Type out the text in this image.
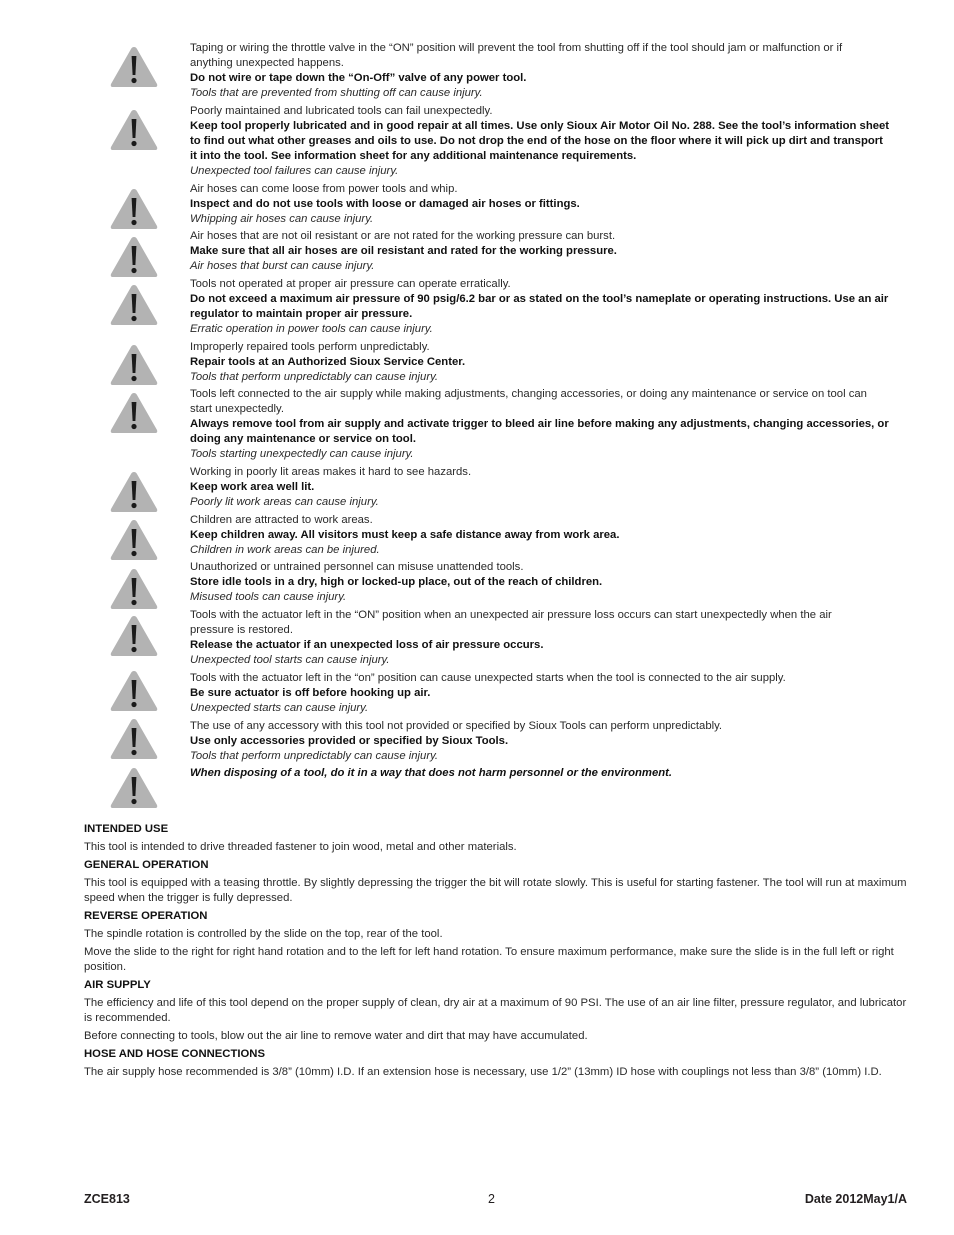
Taping or wiring the throttle valve in the “ON” position will prevent the tool from shutting off if the tool should jam or malfunction or if
anything unexpected happens.
Do not wire or tape down the “On-Off” valve of any power tool.
Tools that are prevented from shutting off can cause injury.
Poorly maintained and lubricated tools can fail unexpectedly.
Keep tool properly lubricated and in good repair at all times. Use only Sioux Air Motor Oil No. 288. See the tool’s information sheet
to find out what other greases and oils to use. Do not drop the end of the hose on the floor where it will pick up dirt and transport
it into the tool. See information sheet for any additional maintenance requirements.
Unexpected tool failures can cause injury.
Air hoses can come loose from power tools and whip.
Inspect and do not use tools with loose or damaged air hoses or fittings.
Whipping air hoses can cause injury.
Air hoses that are not oil resistant or are not rated for the working pressure can burst.
Make sure that all air hoses are oil resistant and rated for the working pressure.
Air hoses that burst can cause injury.
Tools not operated at proper air pressure can operate erratically.
Do not exceed a maximum air pressure of 90 psig/6.2 bar or as stated on the tool’s nameplate or operating instructions. Use an air
regulator to maintain proper air pressure.
Erratic operation in power tools can cause injury.
Improperly repaired tools perform unpredictably.
Repair tools at an Authorized Sioux Service Center.
Tools that perform unpredictably can cause injury.
Tools left connected to the air supply while making adjustments, changing accessories, or doing any maintenance or service on tool can
start unexpectedly.
Always remove tool from air supply and activate trigger to bleed air line before making any adjustments, changing accessories, or
doing any maintenance or service on tool.
Tools starting unexpectedly can cause injury.
Working in poorly lit areas makes it hard to see hazards.
Keep work area well lit.
Poorly lit work areas can cause injury.
Children are attracted to work areas.
Keep children away. All visitors must keep a safe distance away from work area.
Children in work areas can be injured.
Unauthorized or untrained personnel can misuse unattended tools.
Store idle tools in a dry, high or locked-up place, out of the reach of children.
Misused tools can cause injury.
Tools with the actuator left in the “ON” position when an unexpected air pressure loss occurs can start unexpectedly when the air
pressure is restored.
Release the actuator if an unexpected loss of air pressure occurs.
Unexpected tool starts can cause injury.
Tools with the actuator left in the “on” position can cause unexpected starts when the tool is connected to the air supply.
Be sure actuator is off before hooking up air.
Unexpected starts can cause injury.
The use of any accessory with this tool not provided or specified by Sioux Tools can perform unpredictably.
Use only accessories provided or specified by Sioux Tools.
Tools that perform unpredictably can cause injury.
When disposing of a tool, do it in a way that does not harm personnel or the environment.

INTENDED USE

This tool is intended to drive threaded fastener to join wood, metal and other materials.

GENERAL OPERATION

This tool is equipped with a teasing throttle. By slightly depressing the trigger the bit will rotate slowly. This is useful for starting fastener. The tool will run at maximum speed when the trigger is fully depressed.

REVERSE OPERATION

The spindle rotation is controlled by the slide on the top, rear of the tool.

Move the slide to the right for right hand rotation and to the left for left hand rotation. To ensure maximum performance, make sure the slide is in the full left or right position.

AIR SUPPLY

The efficiency and life of this tool depend on the proper supply of clean, dry air at a maximum of 90 PSI. The use of an air line filter, pressure regulator, and lubricator is recommended.

Before connecting to tools, blow out the air line to remove water and dirt that may have accumulated.

HOSE AND HOSE CONNECTIONS

The air supply hose recommended is 3/8” (10mm) I.D. If an extension hose is necessary, use 1/2” (13mm) ID hose with couplings not less than 3/8” (10mm) I.D.

ZCE813	2	Date 2012May1/A
